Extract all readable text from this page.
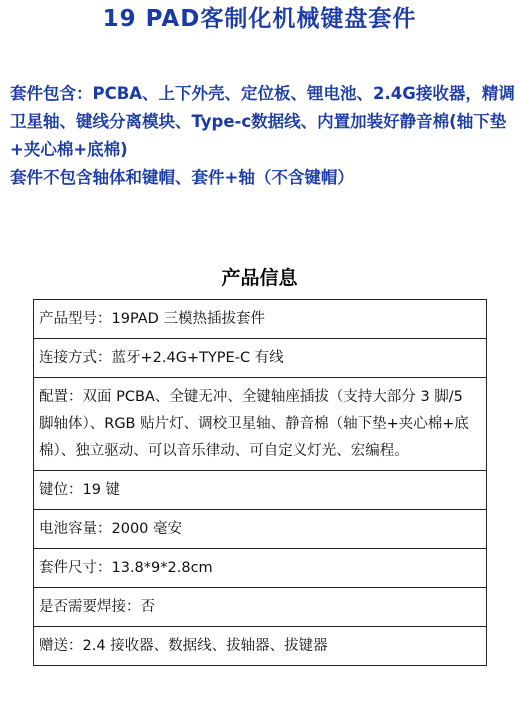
19 PAD客制化机械键盘套件

套件包含：PCBA、上下外壳、定位板、锂电池、2.4G接收器，精调卫星轴、键线分离模块、Type-c数据线、内置加装好静音棉(轴下垫+夹心棉+底棉)

套件不包含轴体和键帽、套件+轴（不含键帽）

产品信息
产品型号：19PAD 三模热插拔套件
连接方式：蓝牙+2.4G+TYPE-C 有线
配置：双面 PCBA、全键无冲、全键轴座插拔（支持大部分 3 脚/5 脚轴体）、RGB 贴片灯、调校卫星轴、静音棉（轴下垫+夹心棉+底棉）、独立驱动、可以音乐律动、可自定义灯光、宏编程。
键位：19 键
电池容量：2000 毫安
套件尺寸：13.8*9*2.8cm
是否需要焊接：否
赠送：2.4 接收器、数据线、拔轴器、拔键器
